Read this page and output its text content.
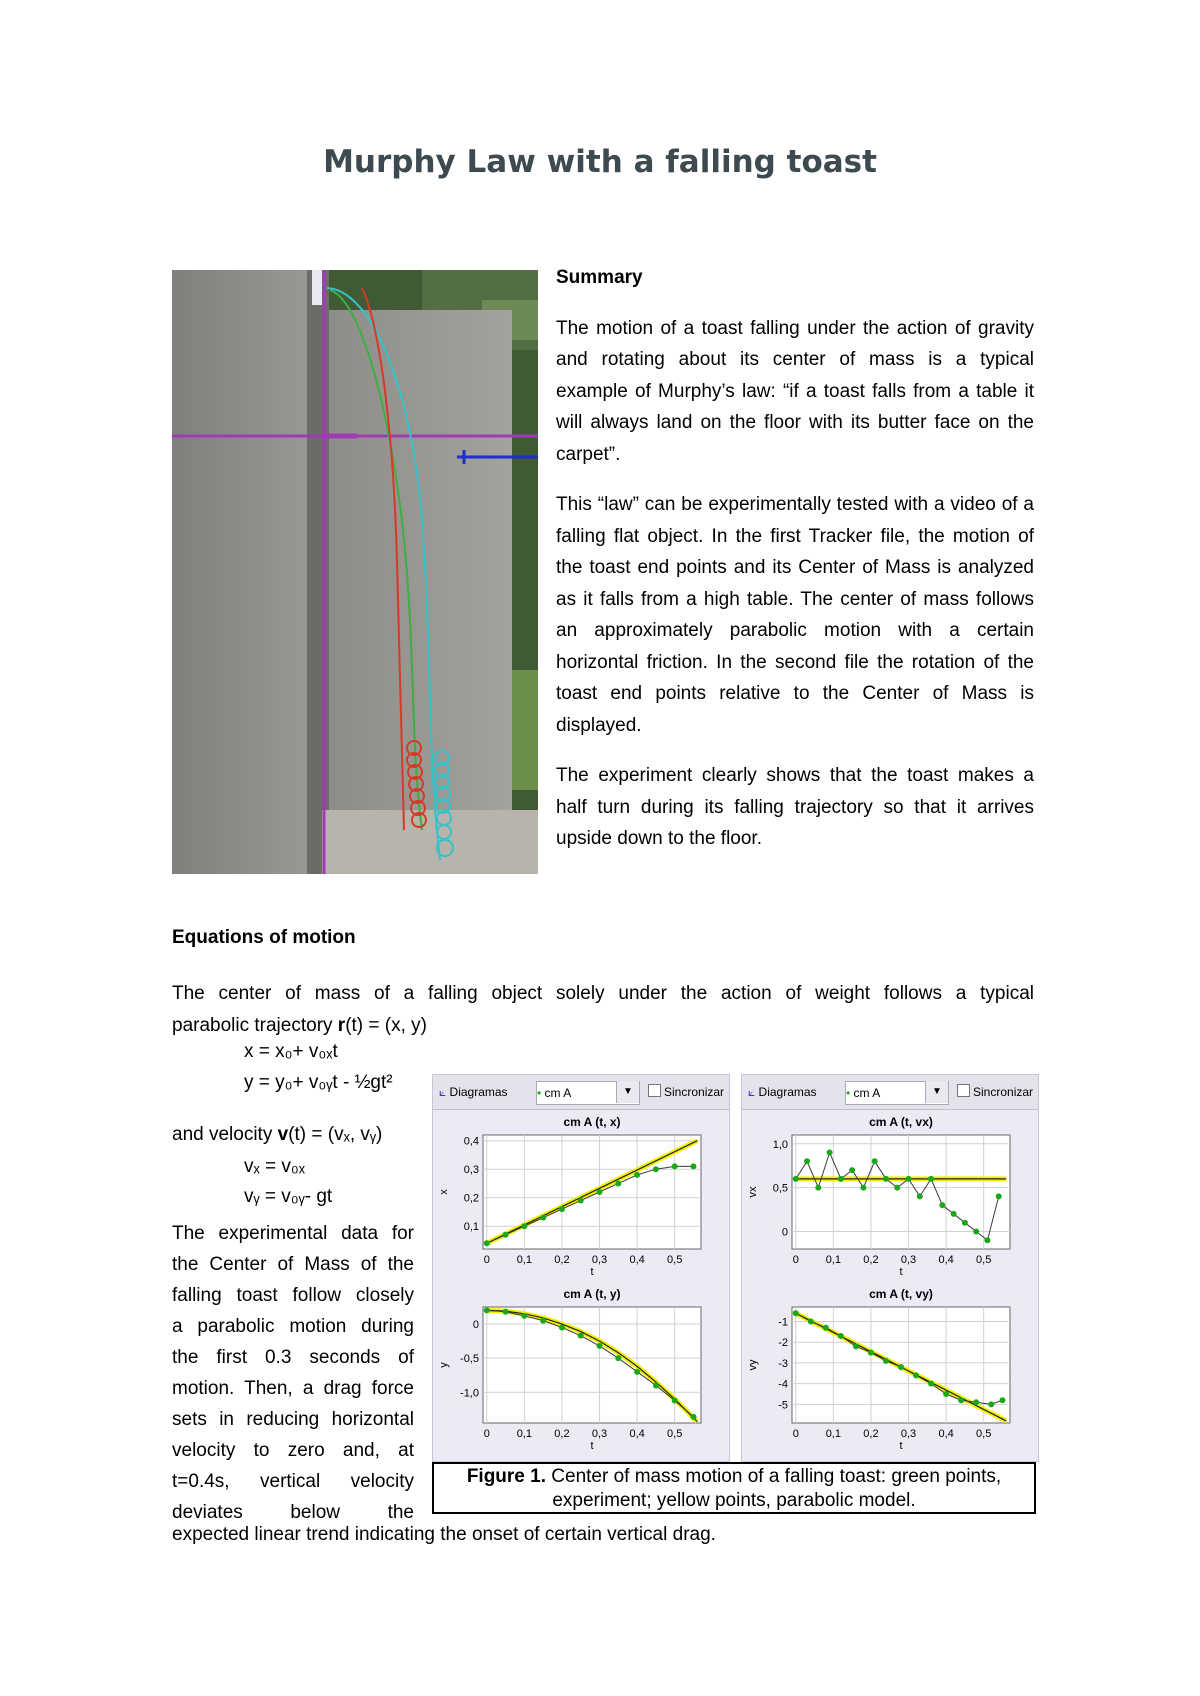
Murphy Law with a falling toast
Summary

The motion of a toast falling under the action of gravity and rotating about its center of mass is a typical example of Murphy’s law: “if a toast falls from a table it will always land on the floor with its butter face on the carpet”.

This “law” can be experimentally tested with a video of a falling flat object. In the first Tracker file, the motion of the toast end points and its Center of Mass is analyzed as it falls from a high table. The center of mass follows an approximately parabolic motion with a certain horizontal friction. In the second file the rotation of the toast end points relative to the Center of Mass is displayed.

The experiment clearly shows that the toast makes a half turn during its falling trajectory so that it arrives upside down to the floor.

Equations of motion
The center of mass of a falling object solely under the action of weight follows a typical
parabolic trajectory r(t) = (x, y)
x = x₀+ v₀ₓt
y = y₀+ v₀ᵧt - ½gt²
and velocity v(t) = (vₓ, vᵧ)
vₓ = v₀ₓ
vᵧ = v₀ᵧ- gt
The experimental data for
the Center of Mass of the
falling toast follow closely
a parabolic motion during
the first 0.3 seconds of
motion. Then, a drag force
sets in reducing horizontal
velocity to zero and, at
t=0.4s, vertical velocity
deviates below the
expected linear trend indicating the onset of certain vertical drag.
⟀ Diagramas	• cm A	▼	Sincronizar
cm A (t, x)
0 0,1 0,2 0,3 0,4 0,5
0,1
0,2
0,3
0,4
t
x
cm A (t, y)
0 0,1 0,2 0,3 0,4 0,5
0
-0,5
-1,0
t
y
⟀ Diagramas	• cm A	▼	Sincronizar
cm A (t, vx)
0 0,1 0,2 0,3 0,4 0,5
0
0,5
1,0
t
vx
cm A (t, vy)
0 0,1 0,2 0,3 0,4 0,5
-1
-2
-3
-4
-5
t
vy
Figure 1. Center of mass motion of a falling toast: green points, experiment; yellow points, parabolic model.
